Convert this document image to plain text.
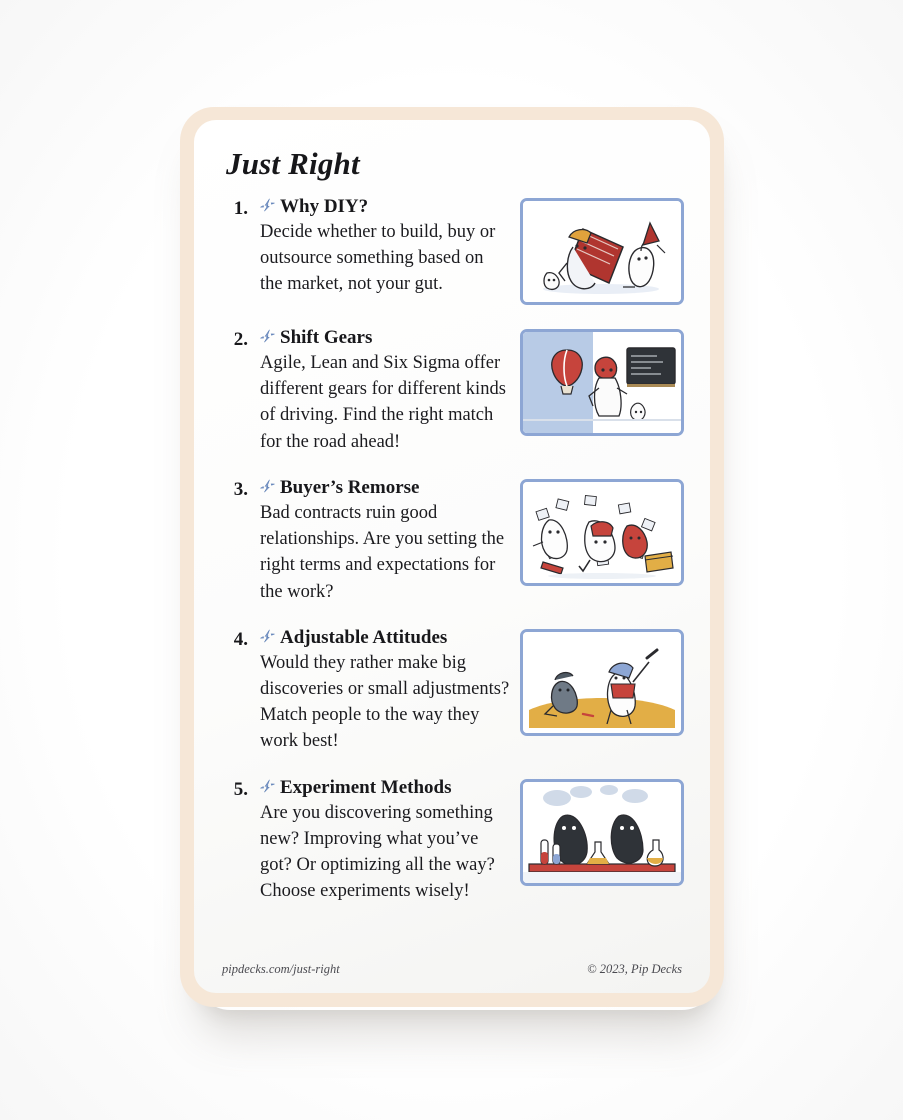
Just Right
1. Why DIY?
Decide whether to build, buy or outsource something based on the market, not your gut.
2. Shift Gears
Agile, Lean and Six Sigma offer different gears for different kinds of driving. Find the right match for the road ahead!
3. Buyer’s Remorse
Bad contracts ruin good relationships. Are you setting the right terms and expectations for the work?
4. Adjustable Attitudes
Would they rather make big discoveries or small adjustments? Match people to the way they work best!
5. Experiment Methods
Are you discovering something new? Improving what you’ve got? Or optimizing all the way? Choose experiments wisely!
pipdecks.com/just-right	© 2023, Pip Decks
